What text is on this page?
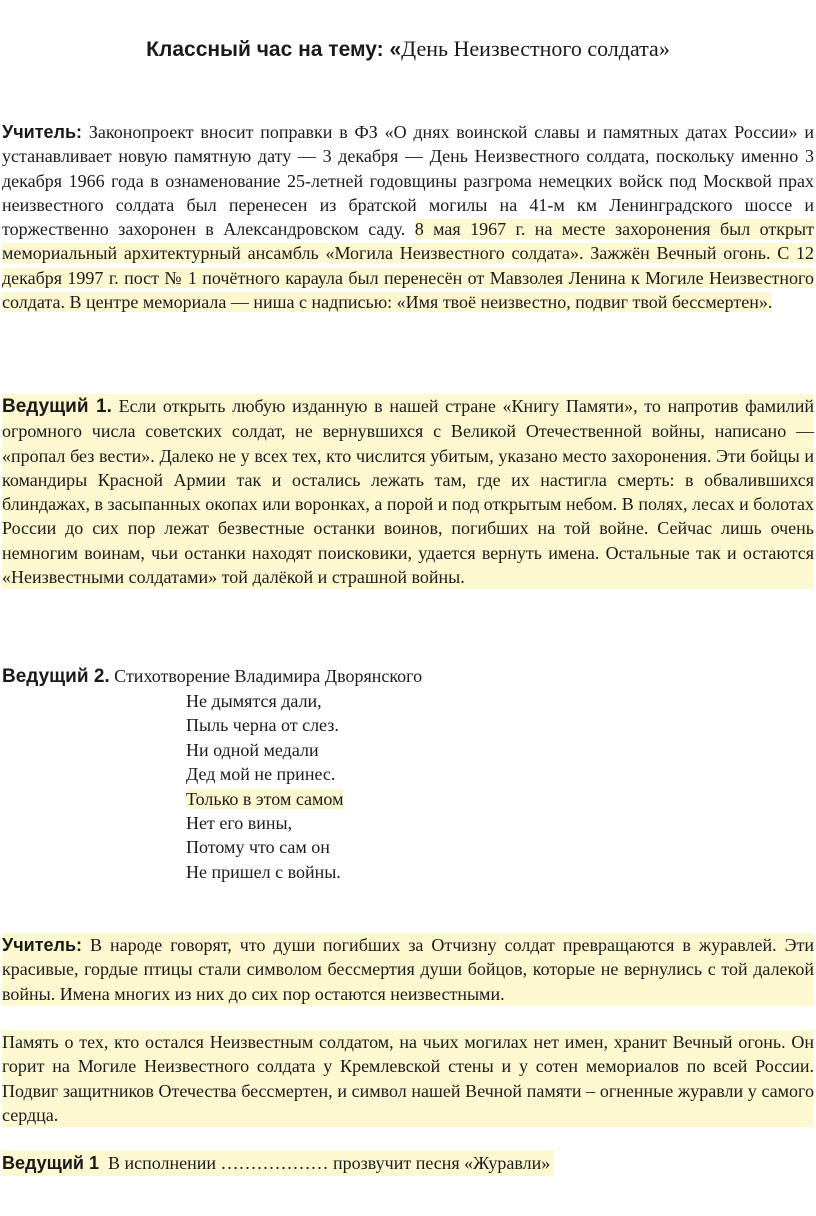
Классный час на тему: «День Неизвестного солдата»

Учитель: Законопроект вносит поправки в ФЗ «О днях воинской славы и памятных датах России» и устанавливает новую памятную дату — 3 декабря — День Неизвестного солдата, поскольку именно 3 декабря 1966 года в ознаменование 25-летней годовщины разгрома немецких войск под Москвой прах неизвестного солдата был перенесен из братской могилы на 41-м км Ленинградского шоссе и торжественно захоронен в Александровском саду. 8 мая 1967 г. на месте захоронения был открыт мемориальный архитектурный ансамбль «Могила Неизвестного солдата». Зажжён Вечный огонь. С 12 декабря 1997 г. пост № 1 почётного караула был перенесён от Мавзолея Ленина к Могиле Неизвестного солдата. В центре мемориала — ниша с надписью: «Имя твоё неизвестно, подвиг твой бессмертен».

Ведущий 1. Если открыть любую изданную в нашей стране «Книгу Памяти», то напротив фамилий огромного числа советских солдат, не вернувшихся с Великой Отечественной войны, написано — «пропал без вести». Далеко не у всех тех, кто числится убитым, указано место захоронения. Эти бойцы и командиры Красной Армии так и остались лежать там, где их настигла смерть: в обвалившихся блиндажах, в засыпанных окопах или воронках, а порой и под открытым небом. В полях, лесах и болотах России до сих пор лежат безвестные останки воинов, погибших на той войне. Сейчас лишь очень немногим воинам, чьи останки находят поисковики, удается вернуть имена. Остальные так и остаются «Неизвестными солдатами» той далёкой и страшной войны.

Ведущий 2. Стихотворение Владимира Дворянского

Не дымятся дали,
Пыль черна от слез.
Ни одной медали
Дед мой не принес.
Только в этом самом
Нет его вины,
Потому что сам он
Не пришел с войны.

Учитель: В народе говорят, что души погибших за Отчизну солдат превращаются в журавлей. Эти красивые, гордые птицы стали символом бессмертия души бойцов, которые не вернулись с той далекой войны. Имена многих из них до сих пор остаются неизвестными.

Память о тех, кто остался Неизвестным солдатом, на чьих могилах нет имен, хранит Вечный огонь. Он горит на Могиле Неизвестного солдата у Кремлевской стены и у сотен мемориалов по всей России. Подвиг защитников Отечества бессмертен, и символ нашей Вечной памяти – огненные журавли у самого сердца.

Ведущий 1 В исполнении ……………… прозвучит песня «Журавли»
